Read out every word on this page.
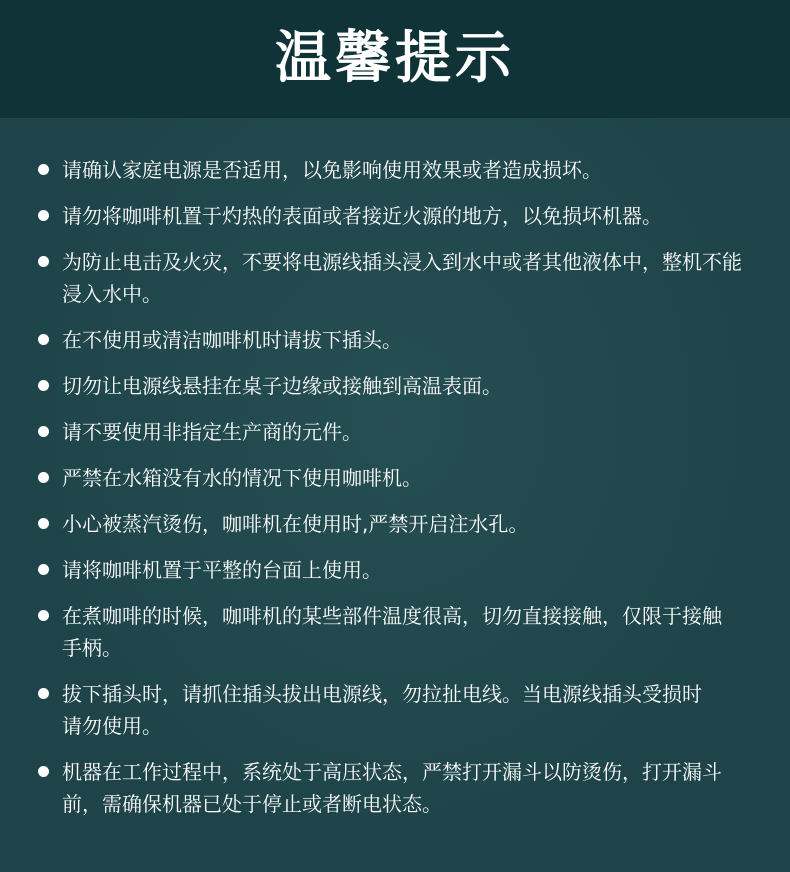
温馨提示
请确认家庭电源是否适用，以免影响使用效果或者造成损坏。
请勿将咖啡机置于灼热的表面或者接近火源的地方，以免损坏机器。
为防止电击及火灾，不要将电源线插头浸入到水中或者其他液体中，整机不能浸入水中。
在不使用或清洁咖啡机时请拔下插头。
切勿让电源线悬挂在桌子边缘或接触到高温表面。
请不要使用非指定生产商的元件。
严禁在水箱没有水的情况下使用咖啡机。
小心被蒸汽烫伤，咖啡机在使用时,严禁开启注水孔。
请将咖啡机置于平整的台面上使用。
在煮咖啡的时候，咖啡机的某些部件温度很高，切勿直接接触，仅限于接触手柄。
拔下插头时，请抓住插头拔出电源线，勿拉扯电线。当电源线插头受损时请勿使用。
机器在工作过程中，系统处于高压状态，严禁打开漏斗以防烫伤，打开漏斗前，需确保机器已处于停止或者断电状态。
